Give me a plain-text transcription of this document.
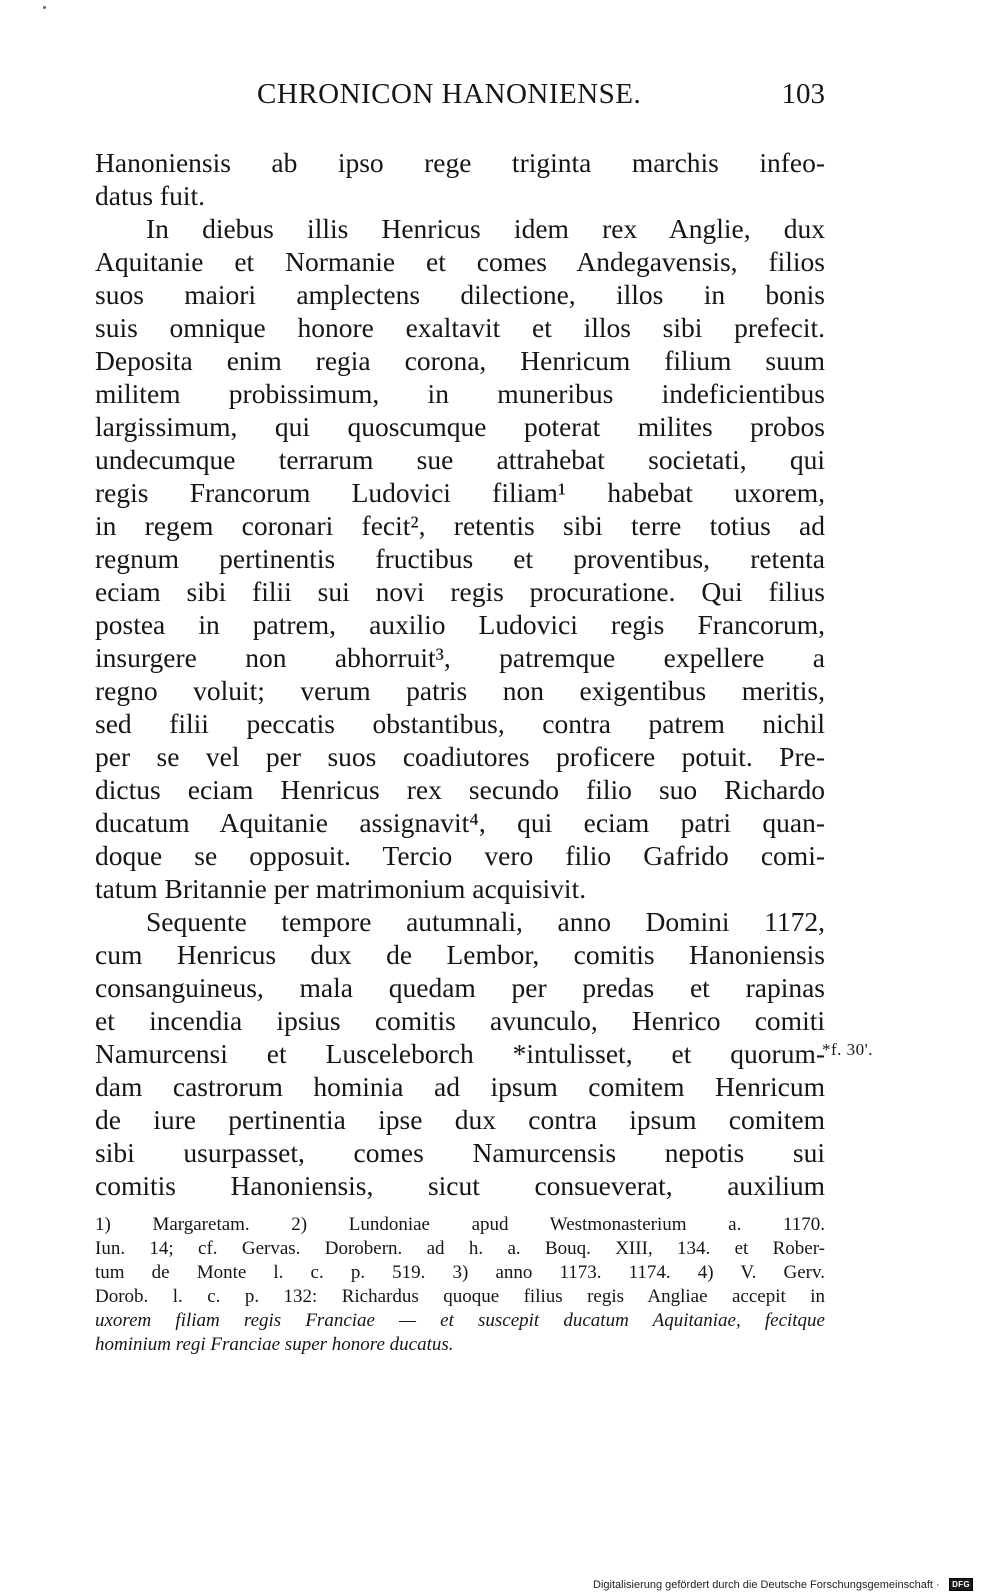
CHRONICON HANONIENSE.	103
Hanoniensis ab ipso rege triginta marchis infeo-
datus fuit.
In diebus illis Henricus idem rex Anglie, dux
Aquitanie et Normanie et comes Andegavensis, filios
suos maiori amplectens dilectione, illos in bonis
suis omnique honore exaltavit et illos sibi prefecit.
Deposita enim regia corona, Henricum filium suum
militem probissimum, in muneribus indeficientibus
largissimum, qui quoscumque poterat milites probos
undecumque terrarum sue attrahebat societati, qui
regis Francorum Ludovici filiam¹ habebat uxorem,
in regem coronari fecit², retentis sibi terre totius ad
regnum pertinentis fructibus et proventibus, retenta
eciam sibi filii sui novi regis procuratione. Qui filius
postea in patrem, auxilio Ludovici regis Francorum,
insurgere non abhorruit³, patremque expellere a
regno voluit; verum patris non exigentibus meritis,
sed filii peccatis obstantibus, contra patrem nichil
per se vel per suos coadiutores proficere potuit. Pre-
dictus eciam Henricus rex secundo filio suo Richardo
ducatum Aquitanie assignavit⁴, qui eciam patri quan-
doque se opposuit. Tercio vero filio Gafrido comi-
tatum Britannie per matrimonium acquisivit.
Sequente tempore autumnali, anno Domini 1172,
cum Henricus dux de Lembor, comitis Hanoniensis
consanguineus, mala quedam per predas et rapinas
et incendia ipsius comitis avunculo, Henrico comiti
Namurcensi et Lusceleborch *intulisset, et quorum-
dam castrorum hominia ad ipsum comitem Henricum
de iure pertinentia ipse dux contra ipsum comitem
sibi usurpasset, comes Namurcensis nepotis sui
comitis Hanoniensis, sicut consueverat, auxilium
*f. 30'.
1) Margaretam. 2) Lundoniae apud Westmonasterium a. 1170.
Iun. 14; cf. Gervas. Dorobern. ad h. a. Bouq. XIII, 134. et Rober-
tum de Monte l. c. p. 519. 3) anno 1173. 1174. 4) V. Gerv.
Dorob. l. c. p. 132: Richardus quoque filius regis Angliae accepit in
uxorem filiam regis Franciae — et suscepit ducatum Aquitaniae, fecitque
hominium regi Franciae super honore ducatus.
Digitalisierung gefördert durch die Deutsche Forschungsgemeinschaft ·	DFG
